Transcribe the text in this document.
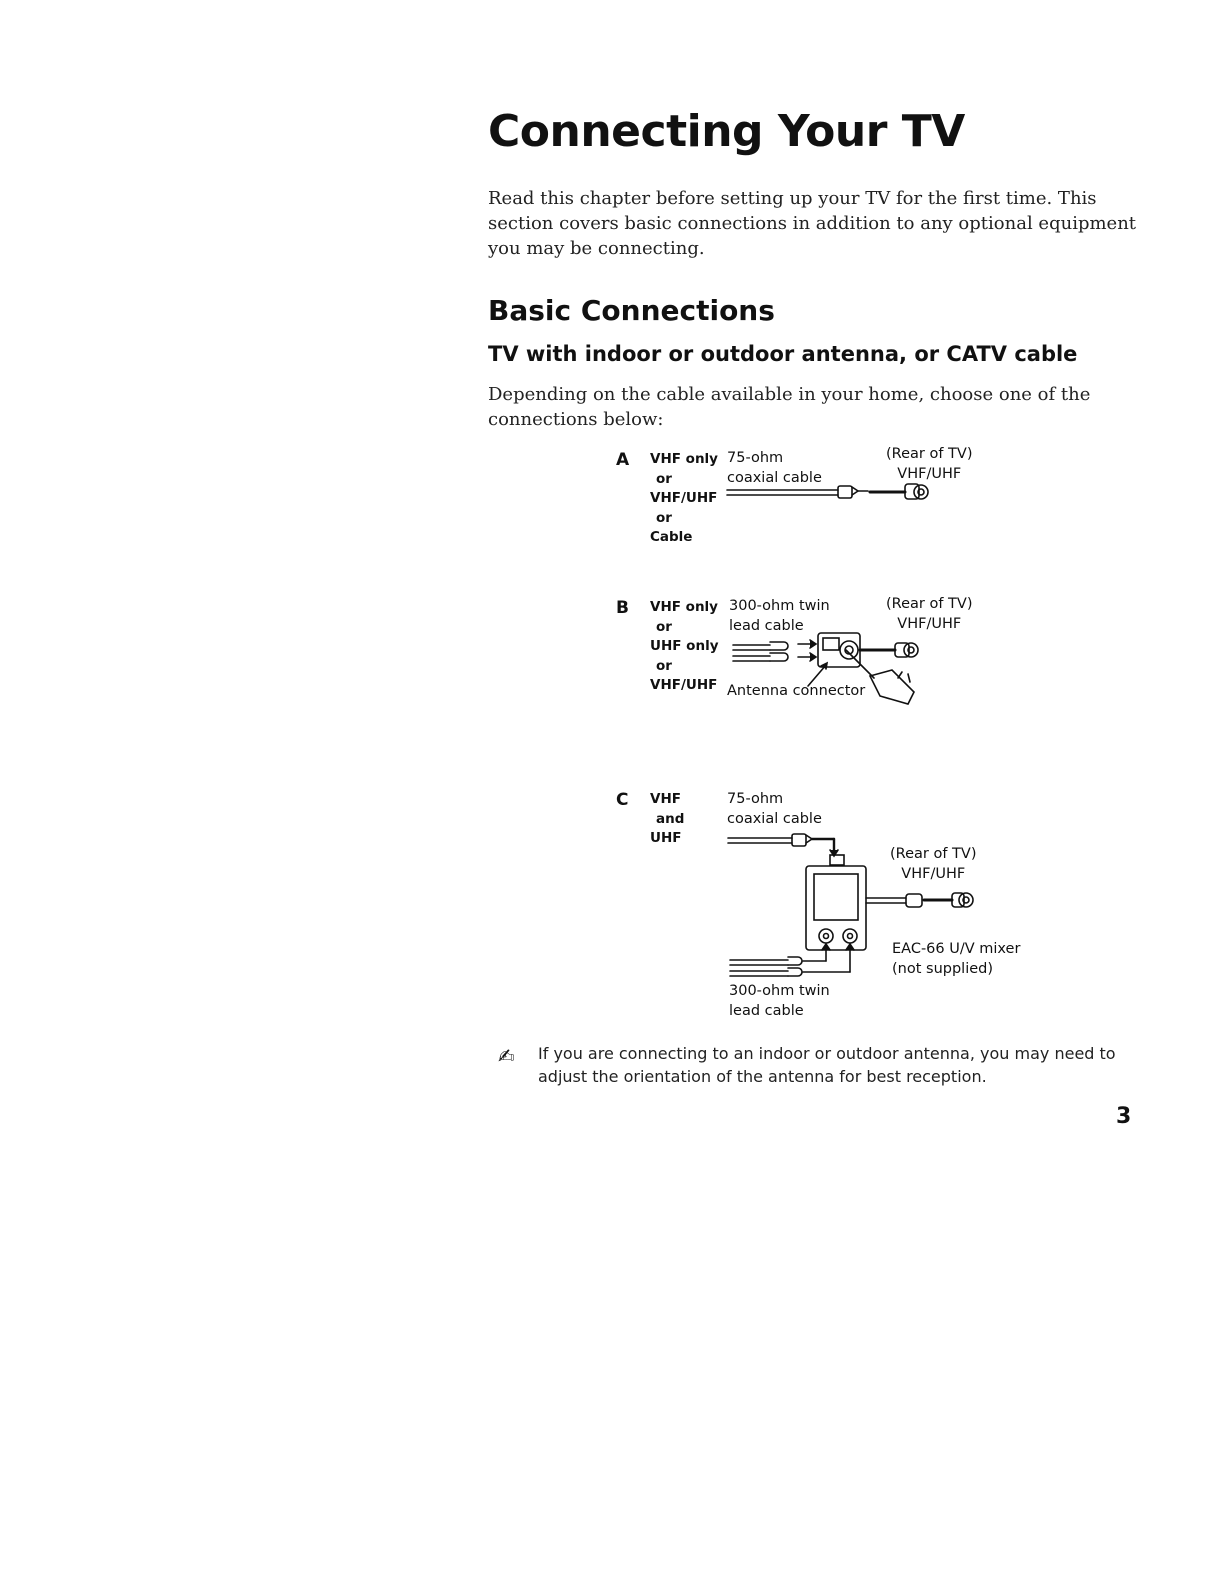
Connecting Your TV
Read this chapter before setting up your TV for the first time. This section covers basic connections in addition to any optional equipment you may be connecting.
Basic Connections
TV with indoor or outdoor antenna, or CATV cable
Depending on the cable available in your home, choose one of the connections below:
A VHF only
or
VHF/UHF
or
Cable
75-ohm
coaxial cable
(Rear of TV)
VHF/UHF
B VHF only
or
UHF only
or
VHF/UHF
300-ohm twin
lead cable
Antenna connector
(Rear of TV)
VHF/UHF
C VHF
and
UHF
75-ohm
coaxial cable
(Rear of TV)
VHF/UHF
EAC-66 U/V mixer
(not supplied)
300-ohm twin
lead cable
✍ If you are connecting to an indoor or outdoor antenna, you may need to adjust the orientation of the antenna for best reception.
3
